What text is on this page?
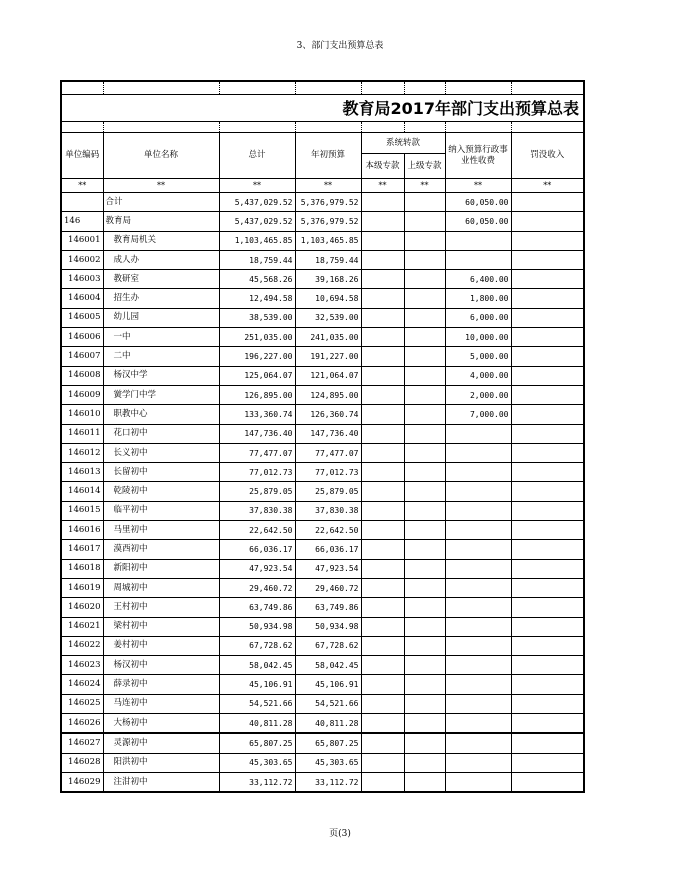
3、部门支出预算总表

教育局2017年部门支出预算总表							

单位编码	单位名称	总计	年初预算	系统转款		纳入预算行政事业性收费	罚没收入
				本级专款	上级专款		
**	**	**	**	**	**	**	**
	合计	5,437,029.52	5,376,979.52			60,050.00	
146	教育局	5,437,029.52	5,376,979.52			60,050.00	
146001	教育局机关	1,103,465.85	1,103,465.85				
146002	成人办	18,759.44	18,759.44				
146003	教研室	45,568.26	39,168.26			6,400.00	
146004	招生办	12,494.58	10,694.58			1,800.00	
146005	幼儿园	38,539.00	32,539.00			6,000.00	
146006	一中	251,035.00	241,035.00			10,000.00	
146007	二中	196,227.00	191,227.00			5,000.00	
146008	杨汉中学	125,064.07	121,064.07			4,000.00	
146009	黉学门中学	126,895.00	124,895.00			2,000.00	
146010	职教中心	133,360.74	126,360.74			7,000.00	
146011	花口初中	147,736.40	147,736.40				
146012	长义初中	77,477.07	77,477.07				
146013	长留初中	77,012.73	77,012.73				
146014	乾陵初中	25,879.05	25,879.05				
146015	临平初中	37,830.38	37,830.38				
146016	马里初中	22,642.50	22,642.50				
146017	漠西初中	66,036.17	66,036.17				
146018	新阳初中	47,923.54	47,923.54				
146019	周城初中	29,460.72	29,460.72				
146020	王村初中	63,749.86	63,749.86				
146021	梁村初中	50,934.98	50,934.98				
146022	姜村初中	67,728.62	67,728.62				
146023	杨汉初中	58,042.45	58,042.45				
146024	薛录初中	45,106.91	45,106.91				
146025	马连初中	54,521.66	54,521.66				
146026	大杨初中	40,811.28	40,811.28				
146027	灵源初中	65,807.25	65,807.25				
146028	阳洪初中	45,303.65	45,303.65				
146029	注泔初中	33,112.72	33,112.72				
页(3)
